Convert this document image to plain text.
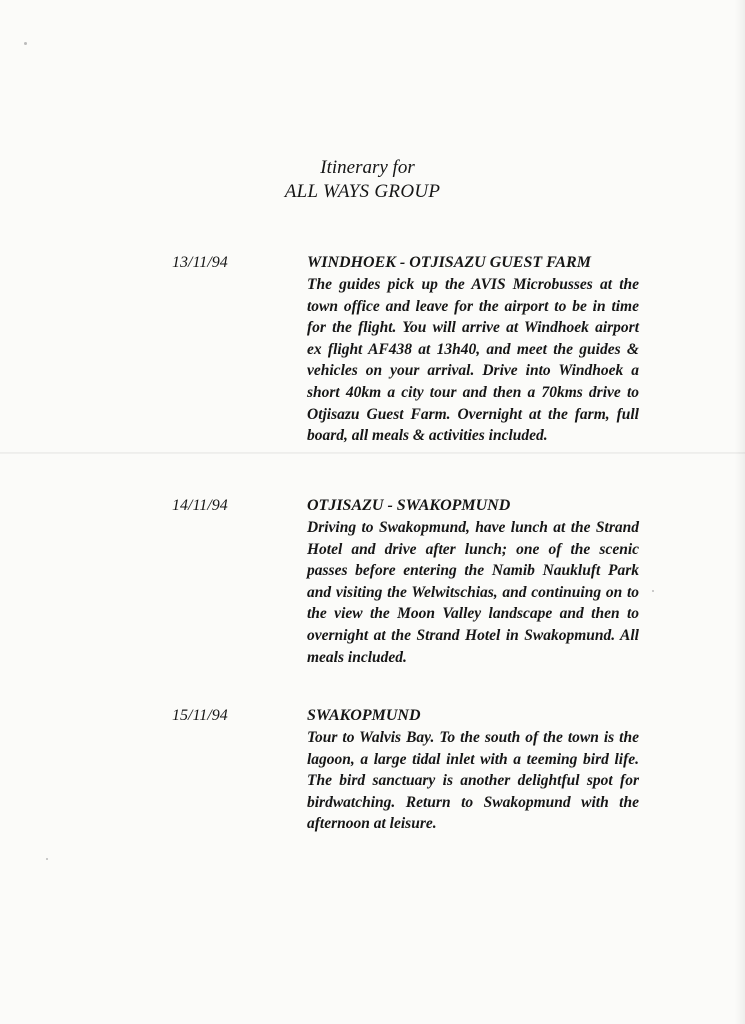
Itinerary for
ALL WAYS GROUP
13/11/94	WINDHOEK - OTJISAZU GUEST FARM
The guides pick up the AVIS Microbusses at the town office and leave for the airport to be in time for the flight. You will arrive at Windhoek airport ex flight AF438 at 13h40, and meet the guides & vehicles on your arrival. Drive into Windhoek a short 40km a city tour and then a 70kms drive to Otjisazu Guest Farm. Overnight at the farm, full board, all meals & activities included.
14/11/94	OTJISAZU - SWAKOPMUND
Driving to Swakopmund, have lunch at the Strand Hotel and drive after lunch; one of the scenic passes before entering the Namib Naukluft Park and visiting the Welwitschias, and continuing on to the view the Moon Valley landscape and then to overnight at the Strand Hotel in Swakopmund. All meals included.
15/11/94	SWAKOPMUND
Tour to Walvis Bay. To the south of the town is the lagoon, a large tidal inlet with a teeming bird life. The bird sanctuary is another delightful spot for birdwatching. Return to Swakopmund with the afternoon at leisure.
